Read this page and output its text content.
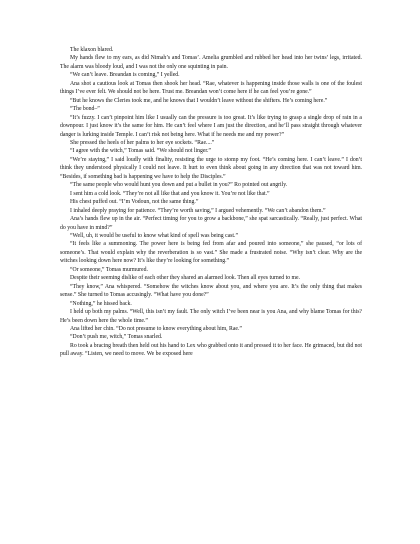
The klaxon blared.

My hands flew to my ears, as did Nimah’s and Tomas’. Amelia grumbled and rubbed her head into her twins’ legs, irritated. The alarm was bloody loud, and I was not the only one squinting in pain.

“We can’t leave. Breandan is coming,” I yelled.

Ana shot a cautious look at Tomas then shook her head. “Rae, whatever is happening inside those walls is one of the foulest things I’ve ever felt. We should not be here. Trust me. Breandan won’t come here if he can feel you’re gone.”

“But he knows the Cleries took me, and he knows that I wouldn’t leave without the shifters. He’s coming here.”

“The bond–”

“It’s fuzzy. I can’t pinpoint him like I usually can the pressure is too great. It’s like trying to grasp a single drop of rain in a downpour. I just know it’s the same for him. He can’t feel where I am just the direction, and he’ll pass straight through whatever danger is lurking inside Temple. I can’t risk not being here. What if he needs me and my power?”

She pressed the heels of her palms to her eye sockets. “Rae....”

“I agree with the witch,” Tomas said. “We should not linger.”

“We’re staying,” I said loudly with finality, resisting the urge to stomp my foot. “He’s coming here. I can’t leave.” I don’t think they understood physically I could not leave. It hurt to even think about going in any direction that was not toward him. “Besides, if something bad is happening we have to help the Disciples.”

“The same people who would hunt you down and put a bullet in you?” Ro pointed out angrily.

I sent him a cold look. “They’re not all like that and you know it. You’re not like that.”

His chest puffed out. “I’m Vodoun, not the same thing.”

I inhaled deeply praying for patience. “They’re worth saving,” I argued vehemently. “We can’t abandon them.”

Ana’s hands flew up in the air. “Perfect timing for you to grow a backbone,” she spat sarcastically. “Really, just perfect. What do you have in mind?”

“Well, uh, it would be useful to know what kind of spell was being cast.”

“It feels like a summoning. The power here is being fed from afar and poured into someone,” she paused, “or lots of someone’s. That would explain why the reverberation is so vast.” She made a frustrated noise. “Why isn’t clear. Why are the witches looking down here now? It’s like they’re looking for something.”

“Or someone,” Tomas murmured.

Despite their seeming dislike of each other they shared an alarmed look. Then all eyes turned to me.

“They know,” Ana whispered. “Somehow the witches know about you, and where you are. It’s the only thing that makes sense.” She turned to Tomas accusingly. “What have you done?”

“Nothing,” he hissed back.

I held up both my palms. “Well, this isn’t my fault. The only witch I’ve been near is you Ana, and why blame Tomas for this? He’s been down here the whole time.”

Ana lifted her chin. “Do not presume to know everything about him, Rae.”

“Don’t push me, witch,” Tomas snarled.

Ro took a bracing breath then held out his hand to Lex who grabbed onto it and pressed it to her face. He grimaced, but did not pull away. “Listen, we need to move. We be exposed here
